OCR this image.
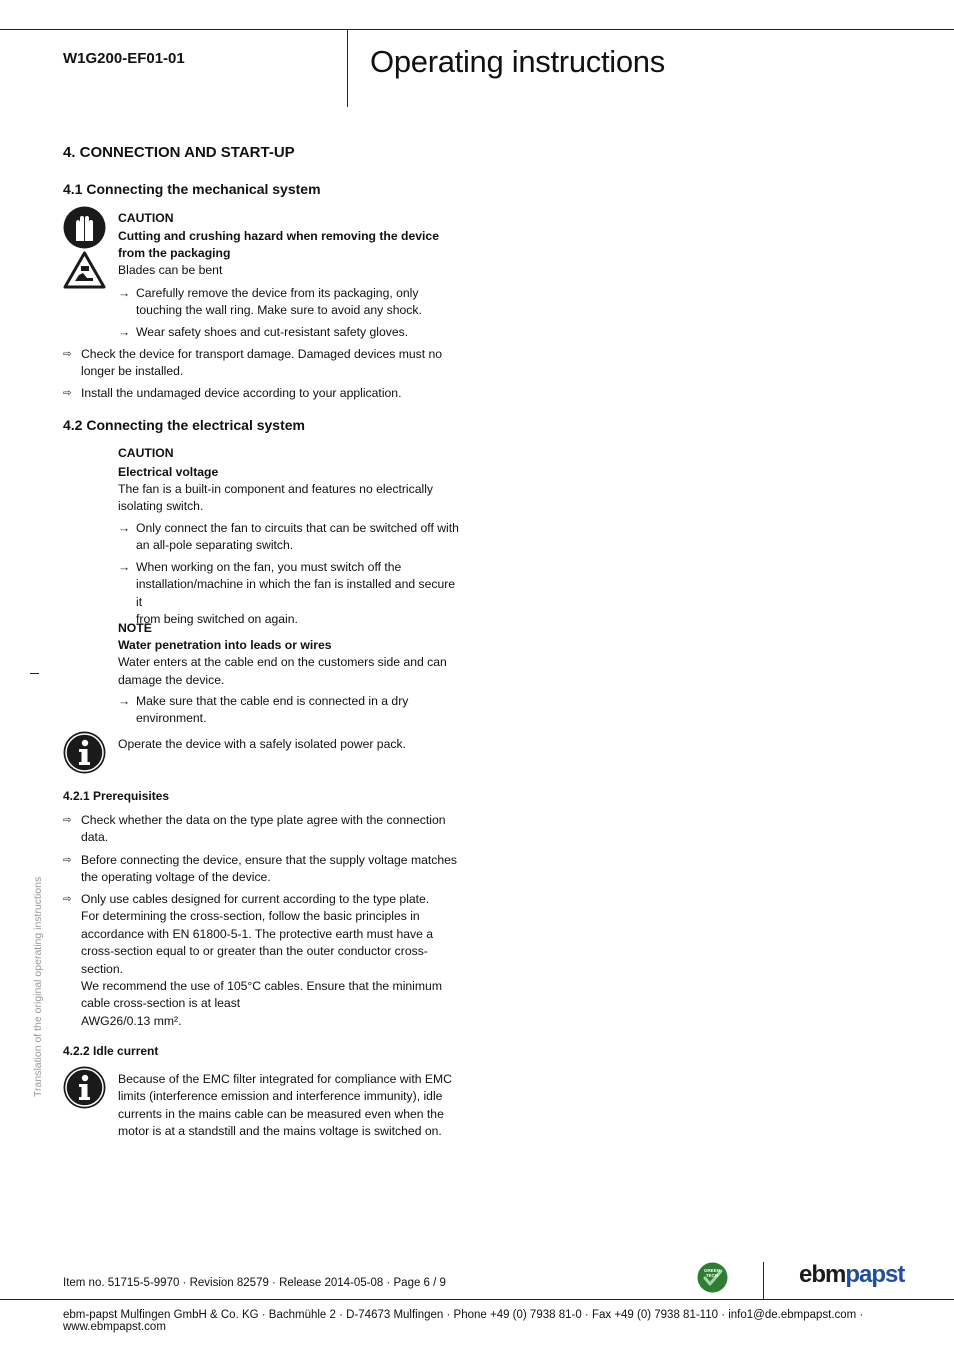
W1G200-EF01-01	Operating instructions
4. CONNECTION AND START-UP
4.1 Connecting the mechanical system
CAUTION
Cutting and crushing hazard when removing the device
from the packaging
Blades can be bent
→ Carefully remove the device from its packaging, only
touching the wall ring. Make sure to avoid any shock.
→ Wear safety shoes and cut-resistant safety gloves.
⇨ Check the device for transport damage. Damaged devices must no
longer be installed.
⇨ Install the undamaged device according to your application.
4.2 Connecting the electrical system
CAUTION
Electrical voltage
The fan is a built-in component and features no electrically
isolating switch.
→ Only connect the fan to circuits that can be switched off with
an all-pole separating switch.
→ When working on the fan, you must switch off the
installation/machine in which the fan is installed and secure it
from being switched on again.
NOTE
Water penetration into leads or wires
Water enters at the cable end on the customers side and can
damage the device.
→ Make sure that the cable end is connected in a dry
environment.
Operate the device with a safely isolated power pack.
4.2.1 Prerequisites
⇨ Check whether the data on the type plate agree with the connection
data.
⇨ Before connecting the device, ensure that the supply voltage matches
the operating voltage of the device.
⇨ Only use cables designed for current according to the type plate.
For determining the cross-section, follow the basic principles in
accordance with EN 61800-5-1. The protective earth must have a
cross-section equal to or greater than the outer conductor cross-
section.
We recommend the use of 105°C cables. Ensure that the minimum
cable cross-section is at least
AWG26/0.13 mm².
4.2.2 Idle current
Because of the EMC filter integrated for compliance with EMC
limits (interference emission and interference immunity), idle
currents in the mains cable can be measured even when the
motor is at a standstill and the mains voltage is switched on.
Translation of the original operating instructions
Item no. 51715-5-9970 · Revision 82579 · Release 2014-05-08 · Page 6 / 9
GREEN TECH	ebmpapst
ebm-papst Mulfingen GmbH & Co. KG · Bachmühle 2 · D-74673 Mulfingen · Phone +49 (0) 7938 81-0 · Fax +49 (0) 7938 81-110 · info1@de.ebmpapst.com · www.ebmpapst.com
